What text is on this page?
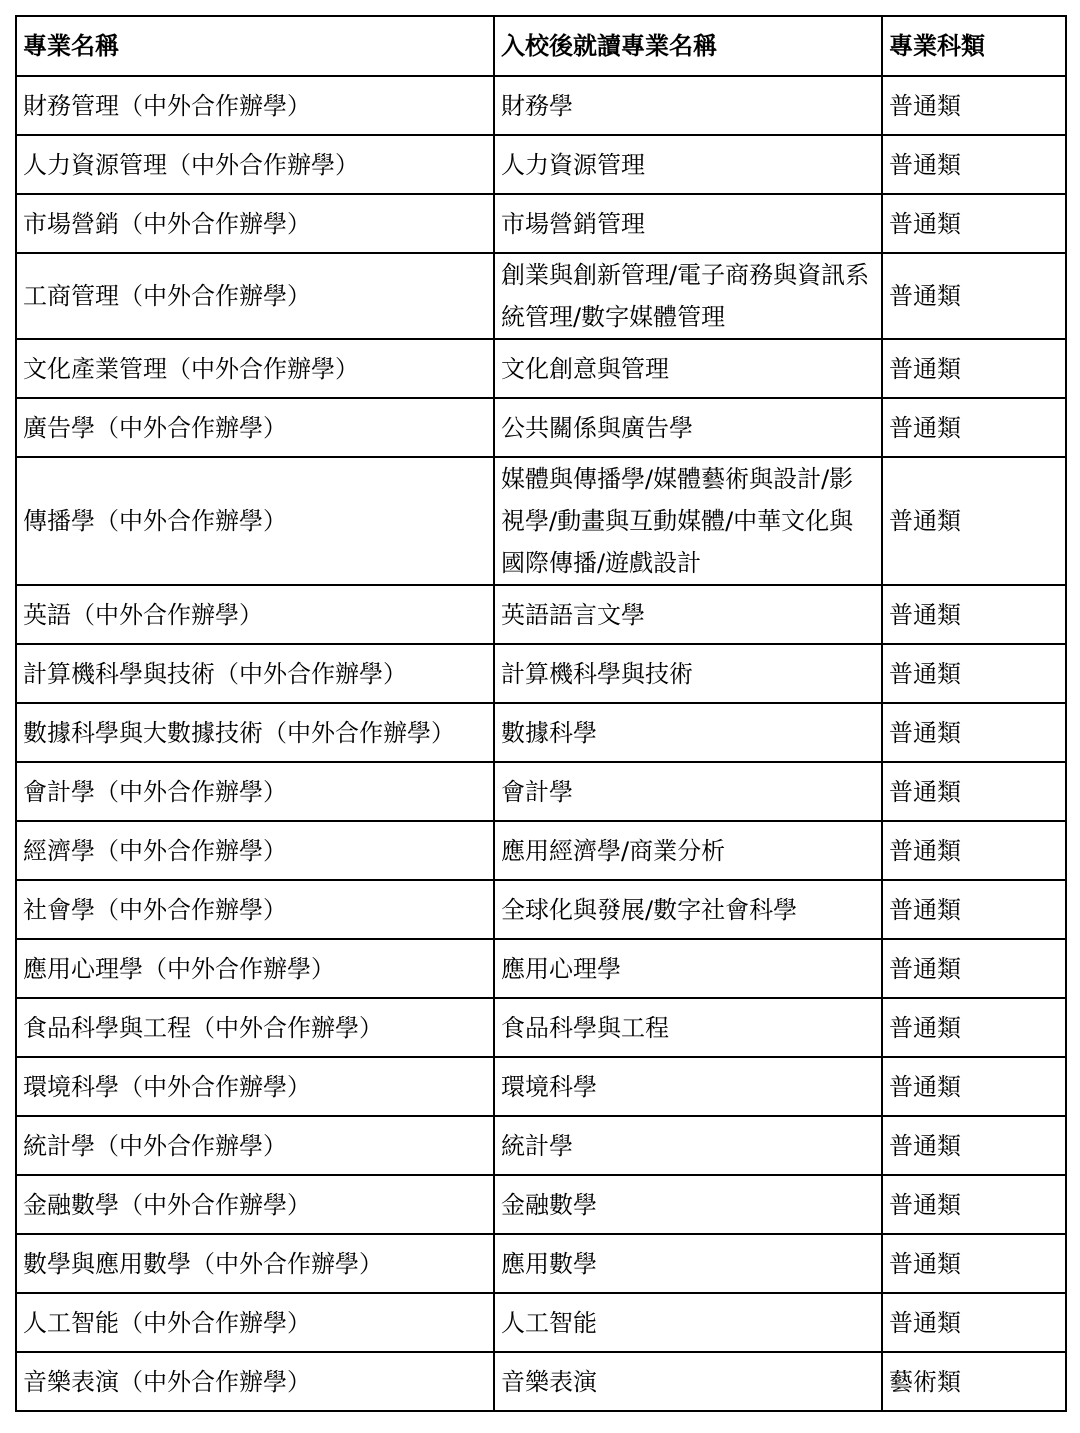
專業名稱	入校後就讀專業名稱	專業科類
財務管理（中外合作辦學）	財務學	普通類
人力資源管理（中外合作辦學）	人力資源管理	普通類
市場營銷（中外合作辦學）	市場營銷管理	普通類
工商管理（中外合作辦學）	創業與創新管理/電子商務與資訊系統管理/數字媒體管理	普通類
文化產業管理（中外合作辦學）	文化創意與管理	普通類
廣告學（中外合作辦學）	公共關係與廣告學	普通類
傳播學（中外合作辦學）	媒體與傳播學/媒體藝術與設計/影視學/動畫與互動媒體/中華文化與國際傳播/遊戲設計	普通類
英語（中外合作辦學）	英語語言文學	普通類
計算機科學與技術（中外合作辦學）	計算機科學與技術	普通類
數據科學與大數據技術（中外合作辦學）	數據科學	普通類
會計學（中外合作辦學）	會計學	普通類
經濟學（中外合作辦學）	應用經濟學/商業分析	普通類
社會學（中外合作辦學）	全球化與發展/數字社會科學	普通類
應用心理學（中外合作辦學）	應用心理學	普通類
食品科學與工程（中外合作辦學）	食品科學與工程	普通類
環境科學（中外合作辦學）	環境科學	普通類
統計學（中外合作辦學）	統計學	普通類
金融數學（中外合作辦學）	金融數學	普通類
數學與應用數學（中外合作辦學）	應用數學	普通類
人工智能（中外合作辦學）	人工智能	普通類
音樂表演（中外合作辦學）	音樂表演	藝術類
